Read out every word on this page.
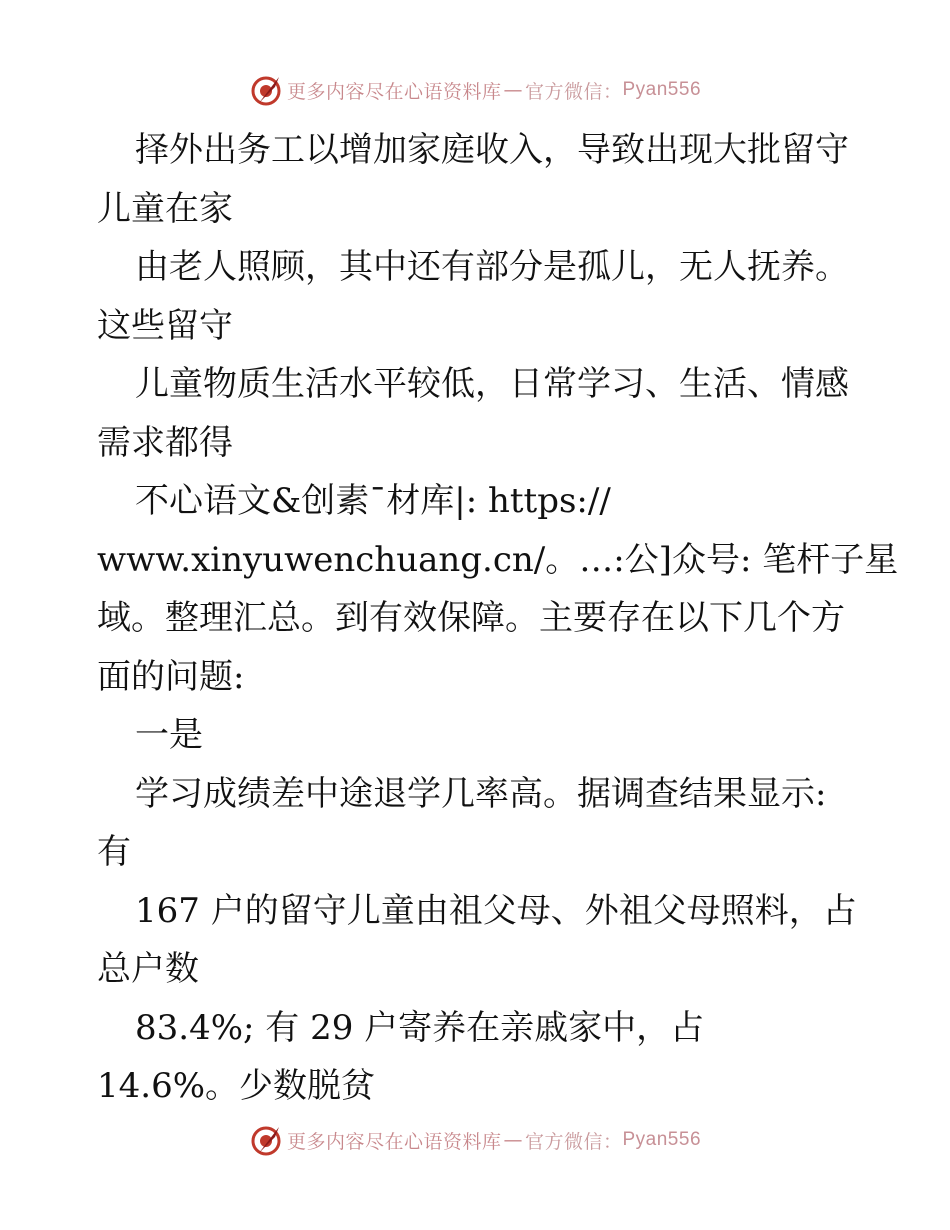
更多内容尽在心语资料库 — 官方微信： Pyan556
择外出务工以增加家庭收入，导致出现大批留守
儿童在家
由老人照顾，其中还有部分是孤儿，无人抚养。
这些留守
儿童物质生活水平较低，日常学习、生活、情感
需求都得
不心语文&创素¯材库|: https://
www.xinyuwenchuang.cn/。…:公]众号: 笔杆子星
域。整理汇总。到有效保障。主要存在以下几个方
面的问题:
一是
学习成绩差中途退学几率高。据调查结果显示:
有
167 户的留守儿童由祖父母、外祖父母照料，占
总户数
83.4%; 有 29 户寄养在亲戚家中，占
14.6%。少数脱贫
更多内容尽在心语资料库 — 官方微信： Pyan556
